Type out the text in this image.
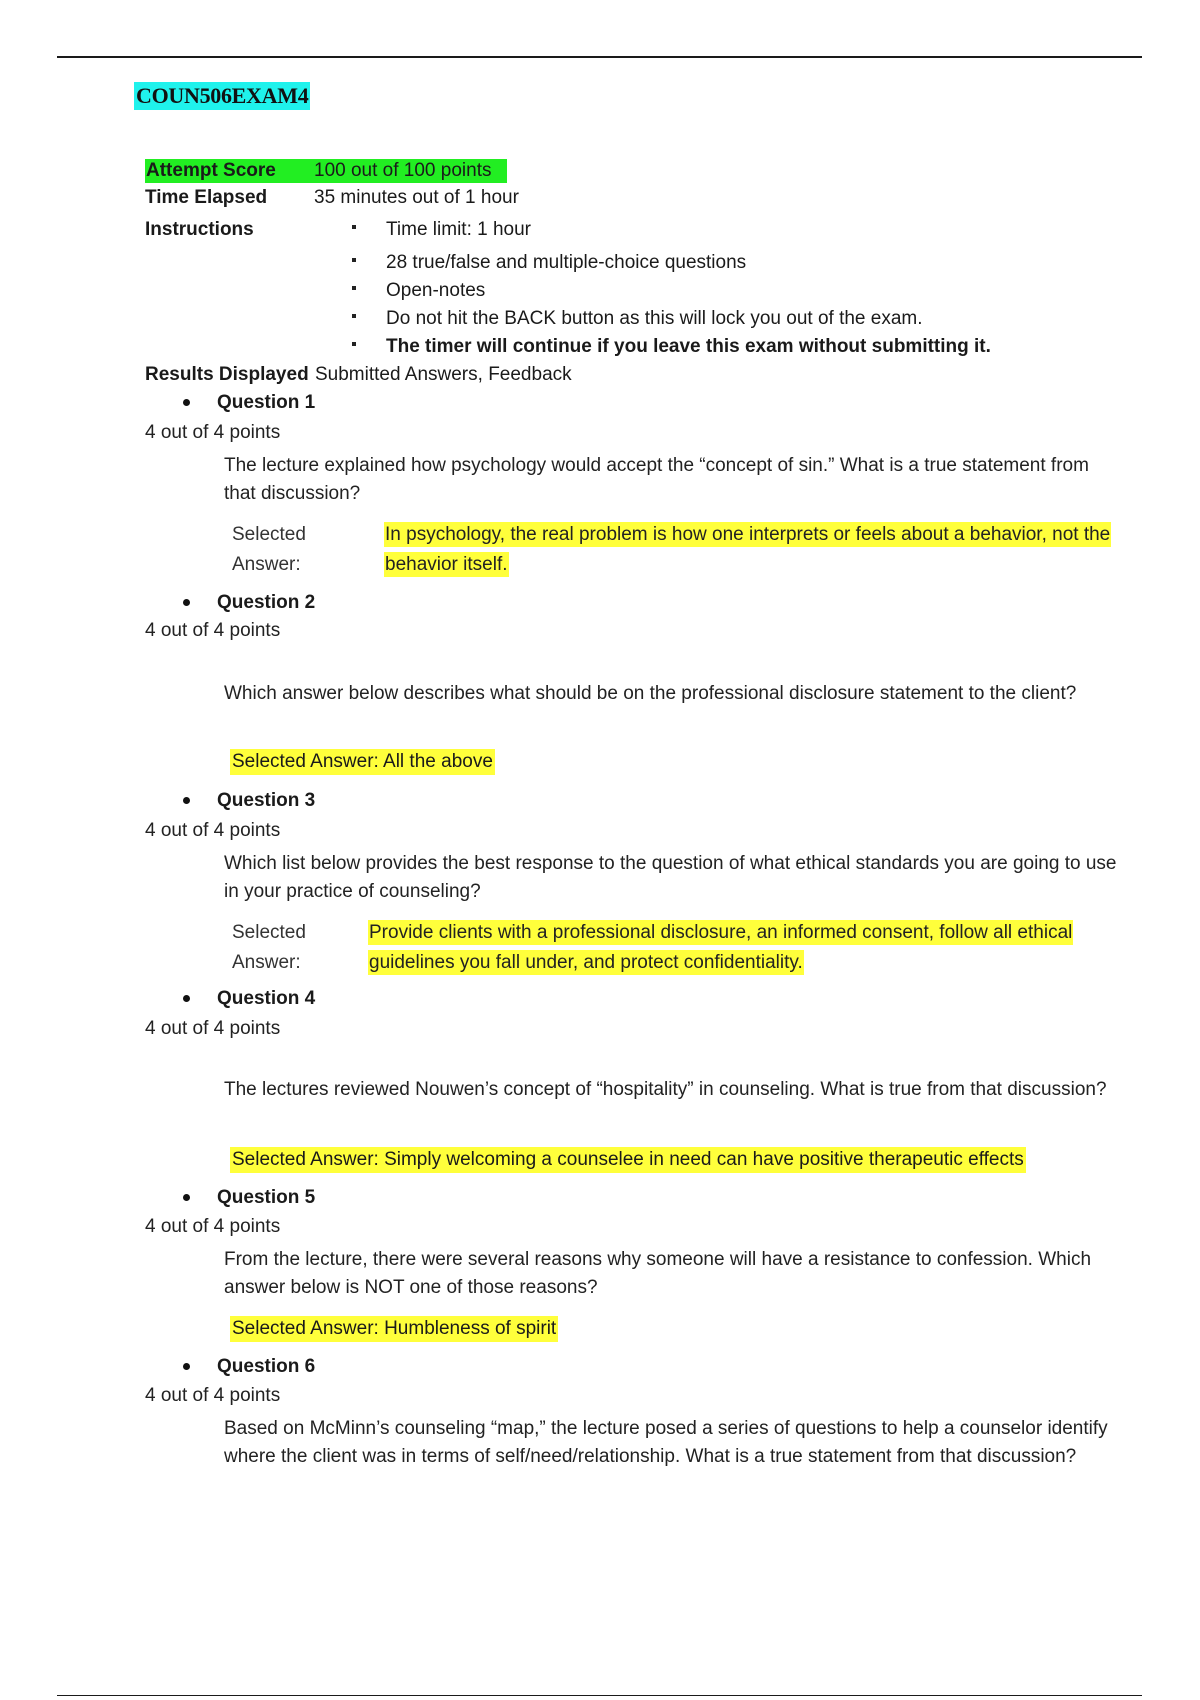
COUN506EXAM4
Attempt Score 100 out of 100 points
Time Elapsed 35 minutes out of 1 hour
Instructions
Results Displayed Submitted Answers, Feedback
Time limit: 1 hour
28 true/false and multiple-choice questions
Open-notes
Do not hit the BACK button as this will lock you out of the exam.
The timer will continue if you leave this exam without submitting it.
Question 1
4 out of 4 points
The lecture explained how psychology would accept the “concept of sin.” What is a true statement from that discussion?
Selected Answer:
In psychology, the real problem is how one interprets or feels about a behavior, not the behavior itself.
Question 2
4 out of 4 points
Which answer below describes what should be on the professional disclosure statement to the client?
Selected Answer: All the above
Question 3
4 out of 4 points
Which list below provides the best response to the question of what ethical standards you are going to use in your practice of counseling?
Selected Answer:
Provide clients with a professional disclosure, an informed consent, follow all ethical guidelines you fall under, and protect confidentiality.
Question 4
4 out of 4 points
The lectures reviewed Nouwen’s concept of “hospitality” in counseling. What is true from that discussion?
Selected Answer: Simply welcoming a counselee in need can have positive therapeutic effects
Question 5
4 out of 4 points
From the lecture, there were several reasons why someone will have a resistance to confession. Which answer below is NOT one of those reasons?
Selected Answer: Humbleness of spirit
Question 6
4 out of 4 points
Based on McMinn’s counseling “map,” the lecture posed a series of questions to help a counselor identify where the client was in terms of self/need/relationship. What is a true statement from that discussion?
